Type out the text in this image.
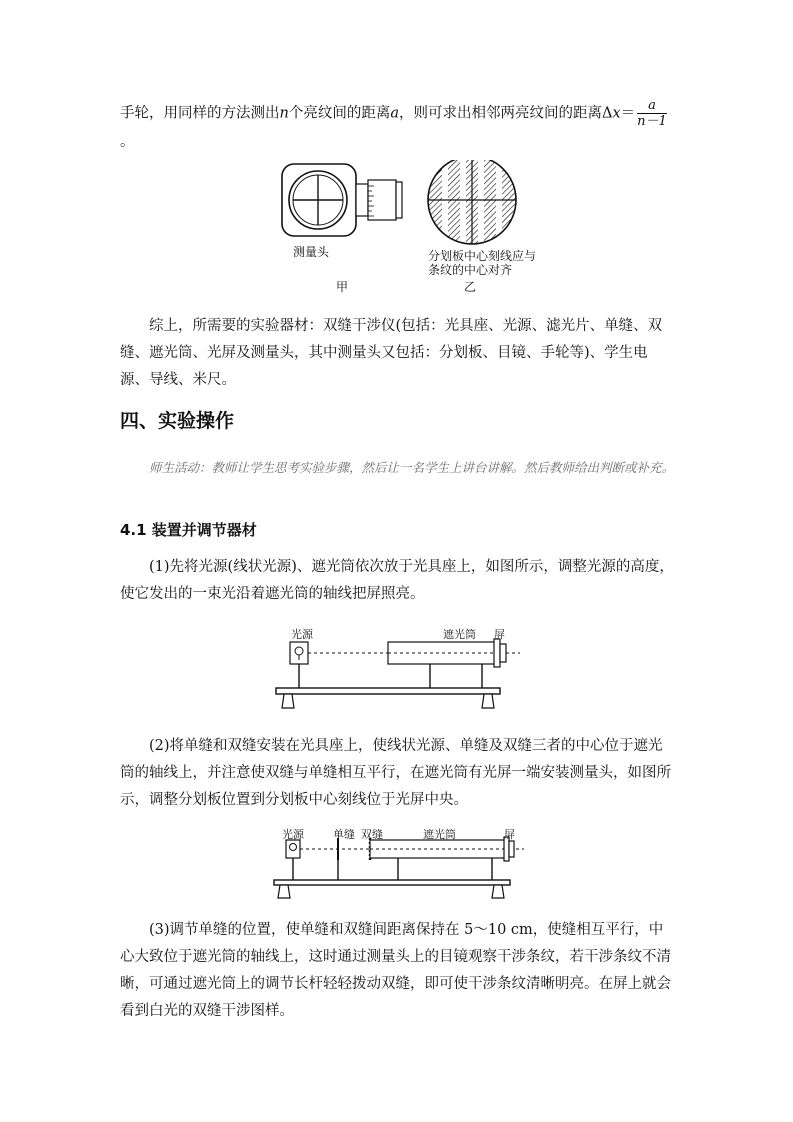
手轮，用同样的方法测出n个亮纹间的距离a，则可求出相邻两亮纹间的距离$\Delta x= \frac{a}{n-1}$
。
测量头	分划板中心刻线应与
条纹的中心对齐
甲	乙
综上，所需要的实验器材：双缝干涉仪(包括：光具座、光源、滤光片、单缝、双缝、遮光筒、光屏及测量头，其中测量头又包括：分划板、目镜、手轮等)、学生电源、导线、米尺。
四、实验操作
师生活动：教师让学生思考实验步骤，然后让一名学生上讲台讲解。然后教师给出判断或补充。
4.1 装置并调节器材
(1)先将光源(线状光源)、遮光筒依次放于光具座上，如图所示，调整光源的高度，使它发出的一束光沿着遮光筒的轴线把屏照亮。
光源	遮光筒 屏
(2)将单缝和双缝安装在光具座上，使线状光源、单缝及双缝三者的中心位于遮光筒的轴线上，并注意使双缝与单缝相互平行，在遮光筒有光屏一端安装测量头，如图所示，调整分划板位置到分划板中心刻线位于光屏中央。
光源	单缝 双缝	遮光筒	屏
(3)调节单缝的位置，使单缝和双缝间距离保持在 5～10 cm，使缝相互平行，中心大致位于遮光筒的轴线上，这时通过测量头上的目镜观察干涉条纹，若干涉条纹不清晰，可通过遮光筒上的调节长杆轻轻拨动双缝，即可使干涉条纹清晰明亮。在屏上就会看到白光的双缝干涉图样。
